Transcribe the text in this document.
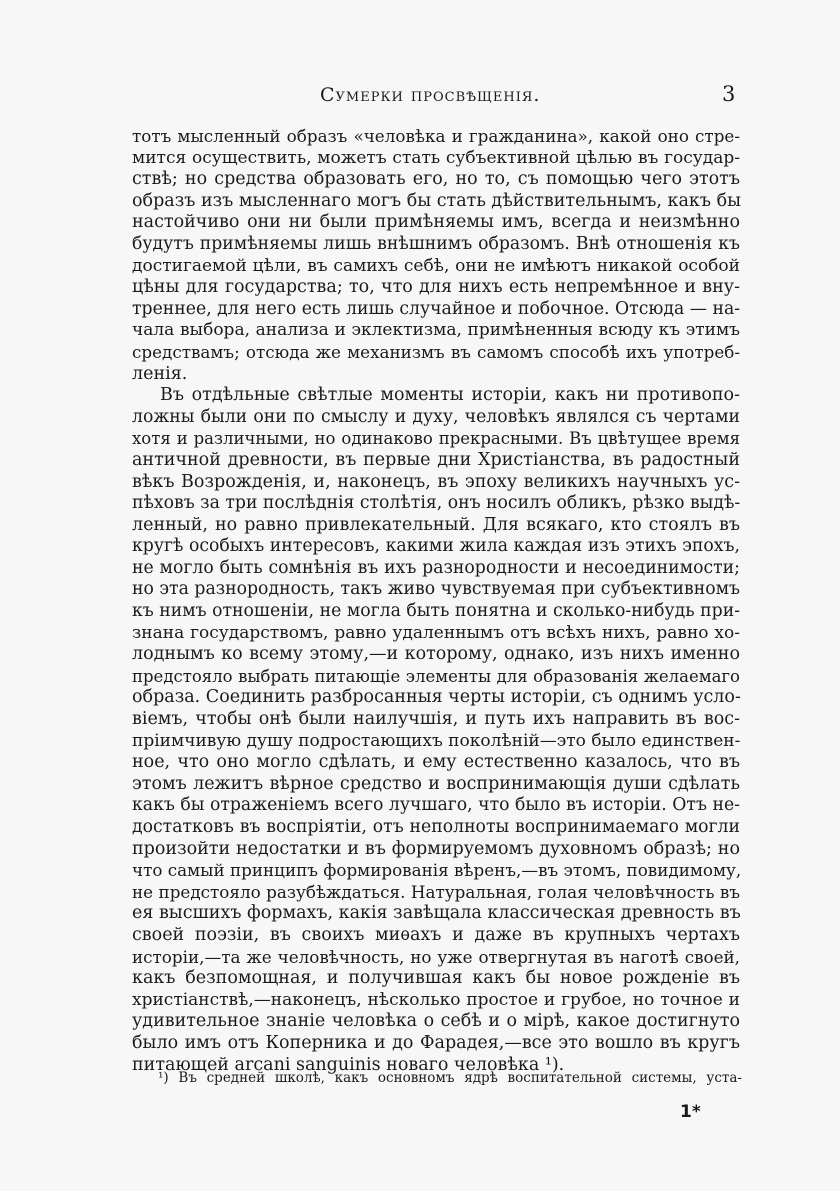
Сумерки просвѣщенія.	3
тотъ мысленный образъ «человѣка и гражданина», какой оно стре-
мится осуществить, можетъ стать субъективной цѣлью въ государ-
ствѣ; но средства образовать его, но то, съ помощью чего этотъ
образъ изъ мысленнаго могъ бы стать дѣйствительнымъ, какъ бы
настойчиво они ни были примѣняемы имъ, всегда и неизмѣнно
будутъ примѣняемы лишь внѣшнимъ образомъ. Внѣ отношенія къ
достигаемой цѣли, въ самихъ себѣ, они не имѣютъ никакой особой
цѣны для государства; то, что для нихъ есть непремѣнное и вну-
треннее, для него есть лишь случайное и побочное. Отсюда — на-
чала выбора, анализа и эклектизма, примѣненныя всюду къ этимъ
средствамъ; отсюда же механизмъ въ самомъ способѣ ихъ употреб-
ленія.
Въ отдѣльные свѣтлые моменты исторіи, какъ ни противопо-
ложны были они по смыслу и духу, человѣкъ являлся съ чертами
хотя и различными, но одинаково прекрасными. Въ цвѣтущее время
античной древности, въ первые дни Христіанства, въ радостный
вѣкъ Возрожденія, и, наконецъ, въ эпоху великихъ научныхъ ус-
пѣховъ за три послѣднія столѣтія, онъ носилъ обликъ, рѣзко выдѣ-
ленный, но равно привлекательный. Для всякаго, кто стоялъ въ
кругѣ особыхъ интересовъ, какими жила каждая изъ этихъ эпохъ,
не могло быть сомнѣнія въ ихъ разнородности и несоединимости;
но эта разнородность, такъ живо чувствуемая при субъективномъ
къ нимъ отношеніи, не могла быть понятна и сколько-нибудь при-
знана государствомъ, равно удаленнымъ отъ всѣхъ нихъ, равно хо-
лоднымъ ко всему этому,—и которому, однако, изъ нихъ именно
предстояло выбрать питающіе элементы для образованія желаемаго
образа. Соединить разбросанныя черты исторіи, съ однимъ усло-
віемъ, чтобы онѣ были наилучшія, и путь ихъ направить въ вос-
пріимчивую душу подростающихъ поколѣній—это было единствен-
ное, что оно могло сдѣлать, и ему естественно казалось, что въ
этомъ лежитъ вѣрное средство и воспринимающія души сдѣлать
какъ бы отраженіемъ всего лучшаго, что было въ исторіи. Отъ не-
достатковъ въ воспріятіи, отъ неполноты воспринимаемаго могли
произойти недостатки и въ формируемомъ духовномъ образѣ; но
что самый принципъ формированія вѣренъ,—въ этомъ, повидимому,
не предстояло разубѣждаться. Натуральная, голая человѣчность въ
ея высшихъ формахъ, какія завѣщала классическая древность въ
своей поэзіи, въ своихъ миѳахъ и даже въ крупныхъ чертахъ
исторіи,—та же человѣчность, но уже отвергнутая въ наготѣ своей,
какъ безпомощная, и получившая какъ бы новое рожденіе въ
христіанствѣ,—наконецъ, нѣсколько простое и грубое, но точное и
удивительное знаніе человѣка о себѣ и о мірѣ, какое достигнуто
было имъ отъ Коперника и до Фарадея,—все это вошло въ кругъ
питающей arcani sanguinis новаго человѣка ¹).
¹) Въ средней школѣ, какъ основномъ ядрѣ воспитательной системы, уста-
1*
